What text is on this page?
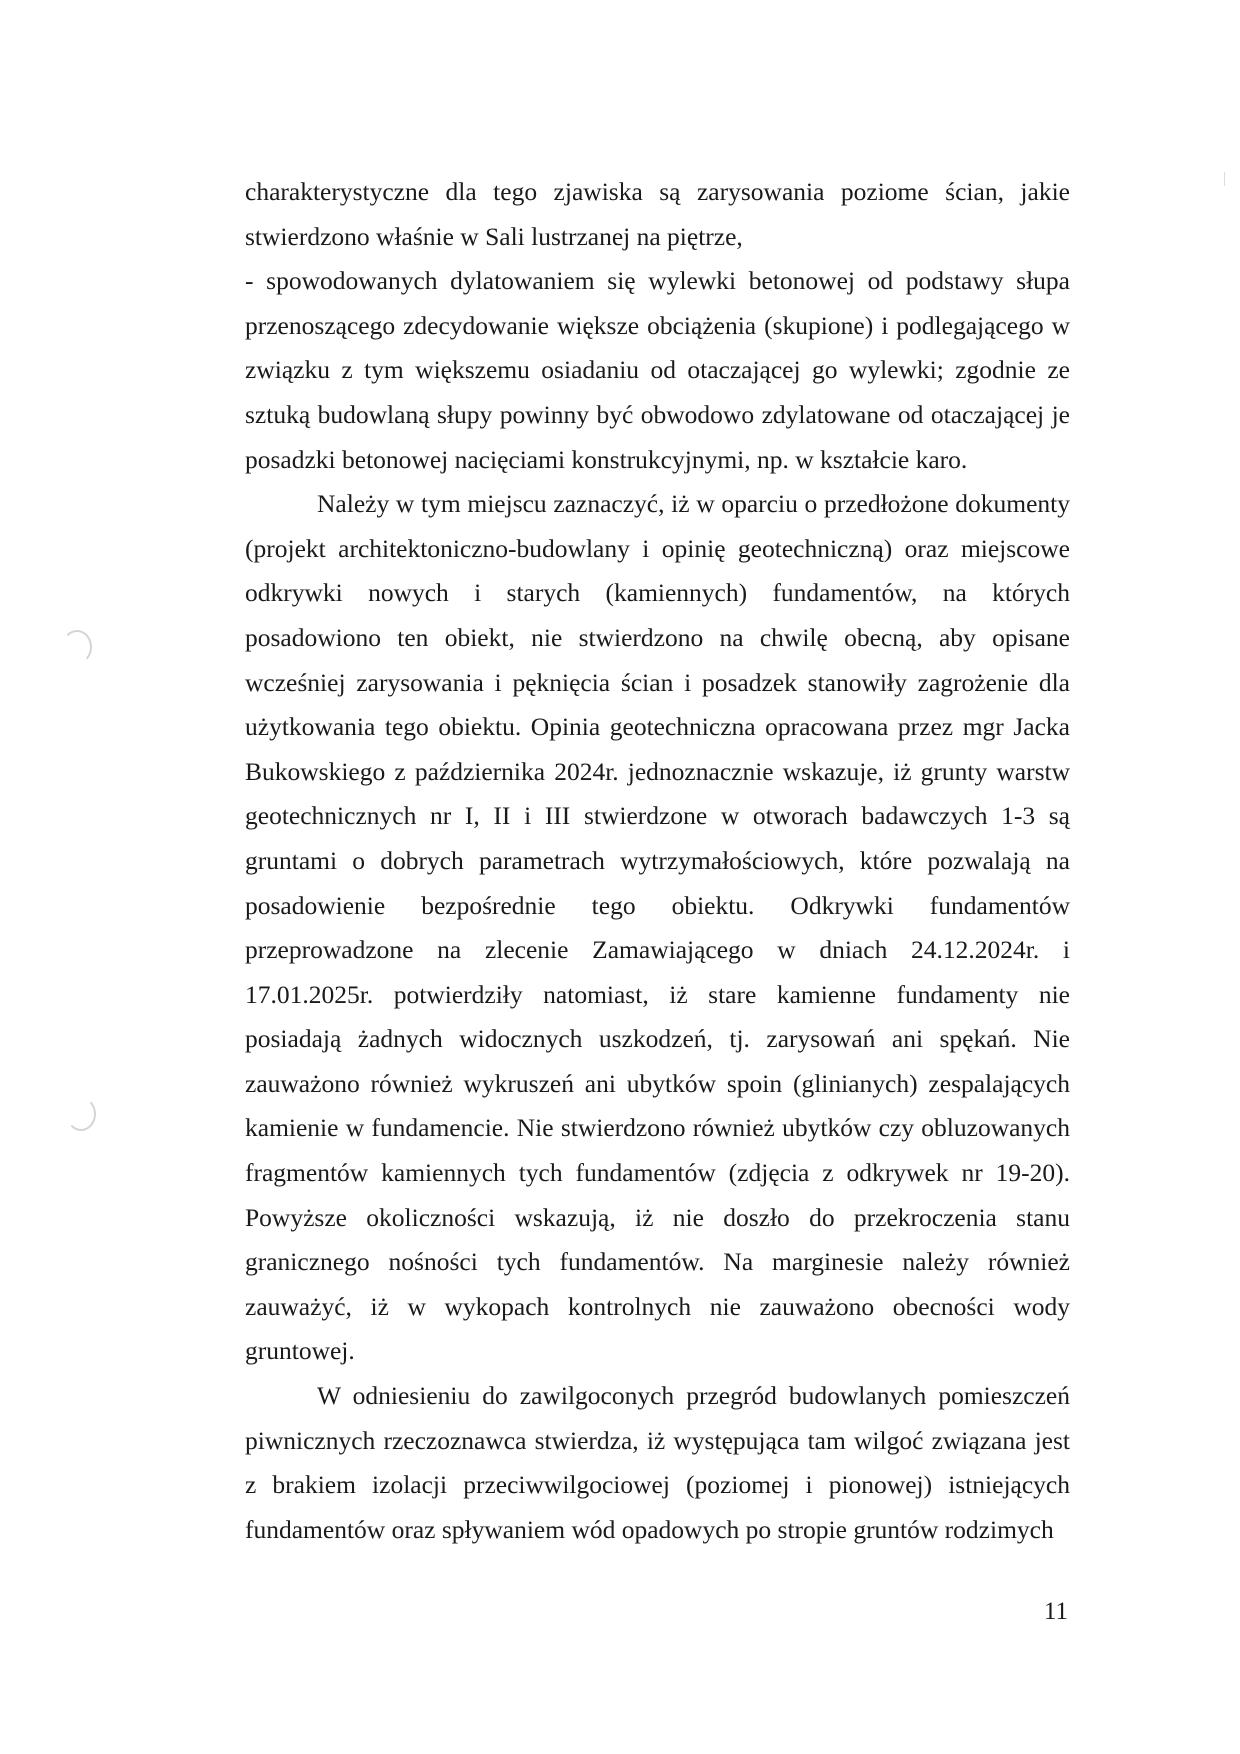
charakterystyczne dla tego zjawiska są zarysowania poziome ścian, jakie stwierdzono właśnie w Sali lustrzanej na piętrze,

- spowodowanych dylatowaniem się wylewki betonowej od podstawy słupa przenoszącego zdecydowanie większe obciążenia (skupione) i podlegającego w związku z tym większemu osiadaniu od otaczającej go wylewki; zgodnie ze sztuką budowlaną słupy powinny być obwodowo zdylatowane od otaczającej je posadzki betonowej nacięciami konstrukcyjnymi, np. w kształcie karo.

Należy w tym miejscu zaznaczyć, iż w oparciu o przedłożone dokumenty (projekt architektoniczno-budowlany i opinię geotechniczną) oraz miejscowe odkrywki nowych i starych (kamiennych) fundamentów, na których posadowiono ten obiekt, nie stwierdzono na chwilę obecną, aby opisane wcześniej zarysowania i pęknięcia ścian i posadzek stanowiły zagrożenie dla użytkowania tego obiektu. Opinia geotechniczna opracowana przez mgr Jacka Bukowskiego z października 2024r. jednoznacznie wskazuje, iż grunty warstw geotechnicznych nr I, II i III stwierdzone w otworach badawczych 1-3 są gruntami o dobrych parametrach wytrzymałościowych, które pozwalają na posadowienie bezpośrednie tego obiektu. Odkrywki fundamentów przeprowadzone na zlecenie Zamawiającego w dniach 24.12.2024r. i 17.01.2025r. potwierdziły natomiast, iż stare kamienne fundamenty nie posiadają żadnych widocznych uszkodzeń, tj. zarysowań ani spękań. Nie zauważono również wykruszeń ani ubytków spoin (glinianych) zespalających kamienie w fundamencie. Nie stwierdzono również ubytków czy obluzowanych fragmentów kamiennych tych fundamentów (zdjęcia z odkrywek nr 19-20). Powyższe okoliczności wskazują, iż nie doszło do przekroczenia stanu granicznego nośności tych fundamentów. Na marginesie należy również zauważyć, iż w wykopach kontrolnych nie zauważono obecności wody gruntowej.

W odniesieniu do zawilgoconych przegród budowlanych pomieszczeń piwnicznych rzeczoznawca stwierdza, iż występująca tam wilgoć związana jest z brakiem izolacji przeciwwilgociowej (poziomej i pionowej) istniejących fundamentów oraz spływaniem wód opadowych po stropie gruntów rodzimych

11
